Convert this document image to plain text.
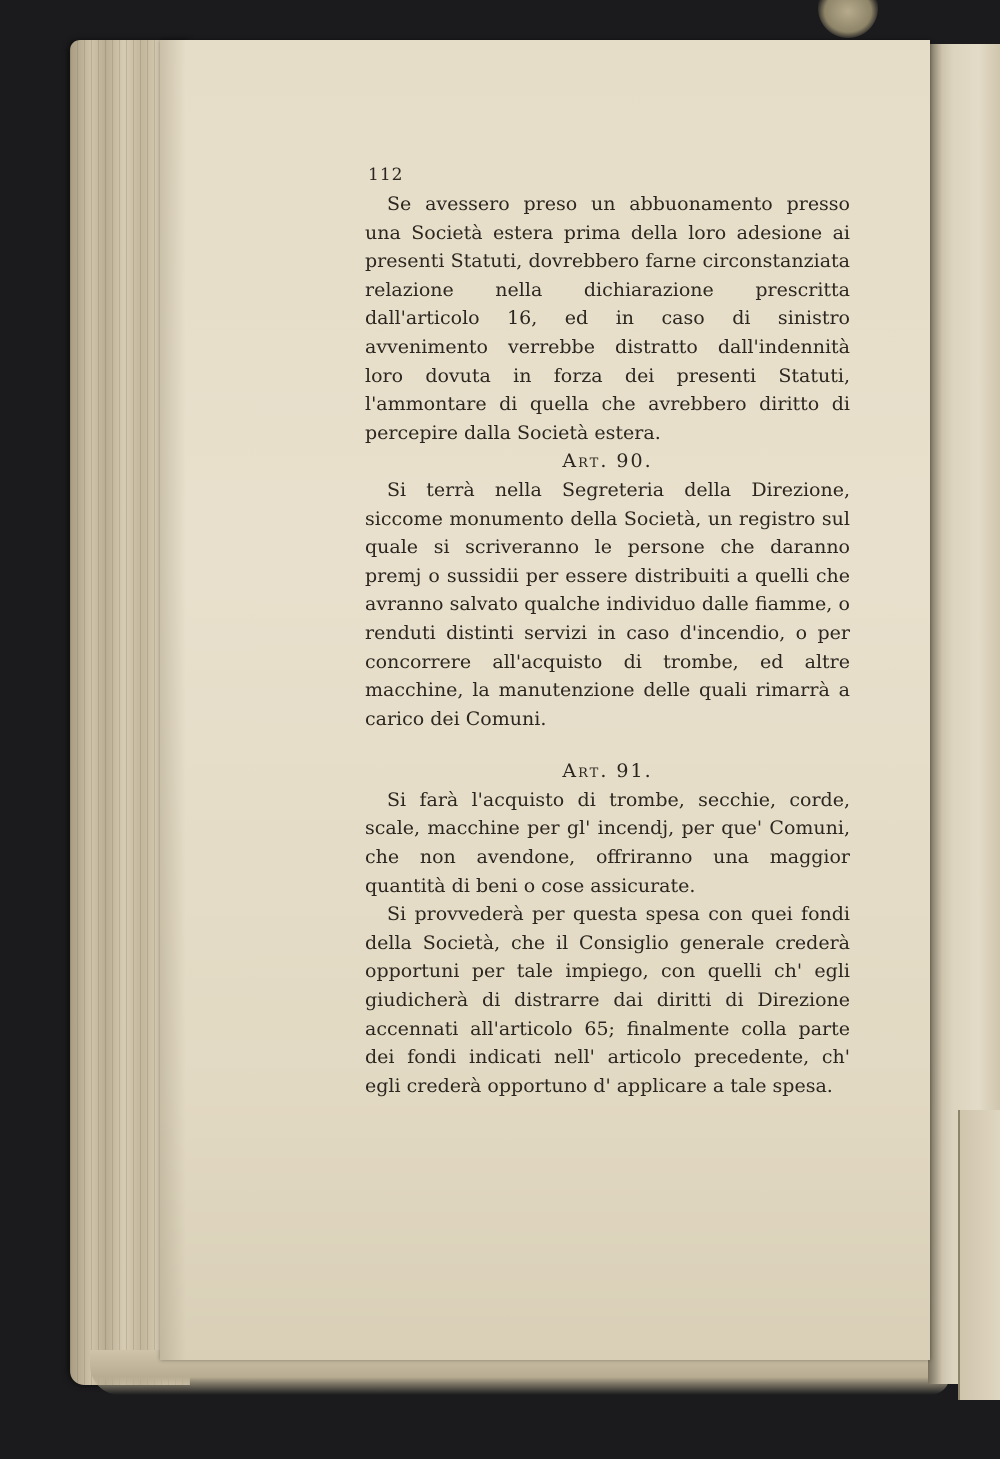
112

Se avessero preso un abbuonamento presso una Società estera prima della loro adesione ai presenti Statuti, dovrebbero farne circonstanziata relazione nella dichiarazione prescritta dall'articolo 16, ed in caso di sinistro avvenimento verrebbe distratto dall'indennità loro dovuta in forza dei presenti Statuti, l'ammontare di quella che avrebbero diritto di percepire dalla Società estera.

Art. 90.

Si terrà nella Segreteria della Direzione, siccome monumento della Società, un registro sul quale si scriveranno le persone che daranno premj o sussidii per essere distribuiti a quelli che avranno salvato qualche individuo dalle fiamme, o renduti distinti servizi in caso d'incendio, o per concorrere all'acquisto di trombe, ed altre macchine, la manutenzione delle quali rimarrà a carico dei Comuni.

Art. 91.

Si farà l'acquisto di trombe, secchie, corde, scale, macchine per gl' incendj, per que' Comuni, che non avendone, offriranno una maggior quantità di beni o cose assicurate.

Si provvederà per questa spesa con quei fondi della Società, che il Consiglio generale crederà opportuni per tale impiego, con quelli ch' egli giudicherà di distrarre dai diritti di Direzione accennati all'articolo 65; finalmente colla parte dei fondi indicati nell' articolo precedente, ch' egli crederà opportuno d' applicare a tale spesa.
